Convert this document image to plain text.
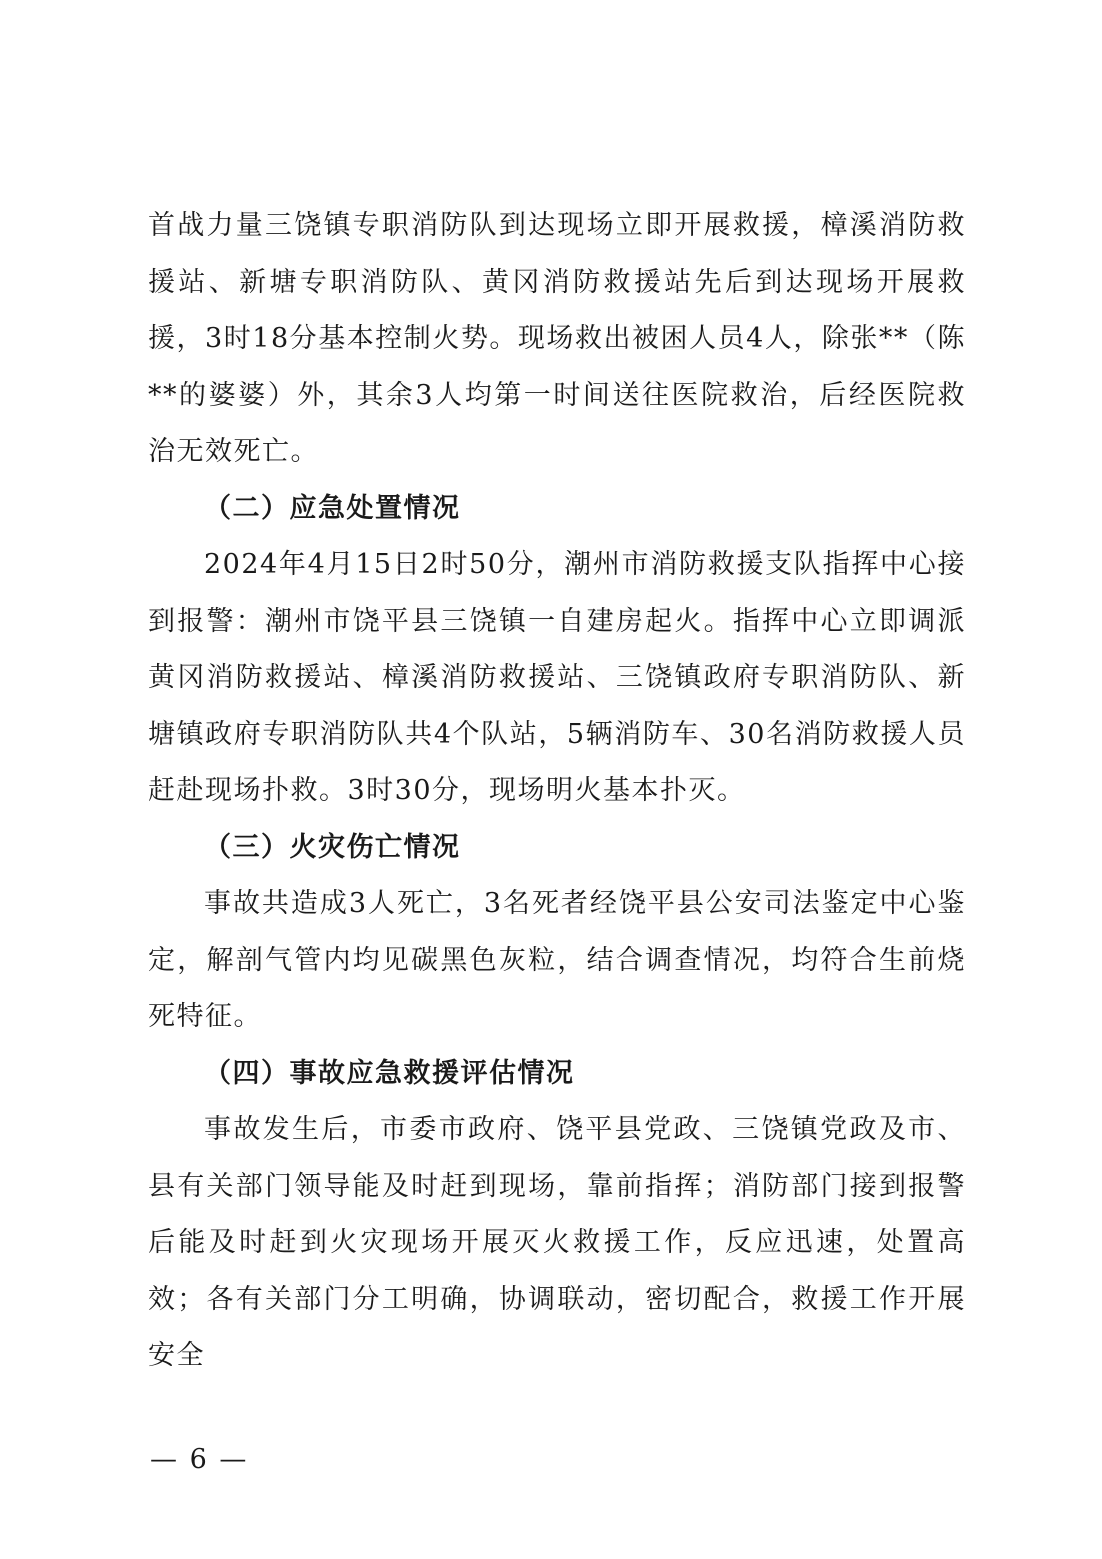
首战力量三饶镇专职消防队到达现场立即开展救援，樟溪消防救援站、新塘专职消防队、黄冈消防救援站先后到达现场开展救援，3时18分基本控制火势。现场救出被困人员4人，除张**（陈**的婆婆）外，其余3人均第一时间送往医院救治，后经医院救治无效死亡。

（二）应急处置情况

2024年4月15日2时50分，潮州市消防救援支队指挥中心接到报警：潮州市饶平县三饶镇一自建房起火。指挥中心立即调派黄冈消防救援站、樟溪消防救援站、三饶镇政府专职消防队、新塘镇政府专职消防队共4个队站，5辆消防车、30名消防救援人员赶赴现场扑救。3时30分，现场明火基本扑灭。

（三）火灾伤亡情况

事故共造成3人死亡，3名死者经饶平县公安司法鉴定中心鉴定，解剖气管内均见碳黑色灰粒，结合调查情况，均符合生前烧死特征。

（四）事故应急救援评估情况

事故发生后，市委市政府、饶平县党政、三饶镇党政及市、县有关部门领导能及时赶到现场，靠前指挥；消防部门接到报警后能及时赶到火灾现场开展灭火救援工作，反应迅速，处置高效；各有关部门分工明确，协调联动，密切配合，救援工作开展安全

— 6 —
